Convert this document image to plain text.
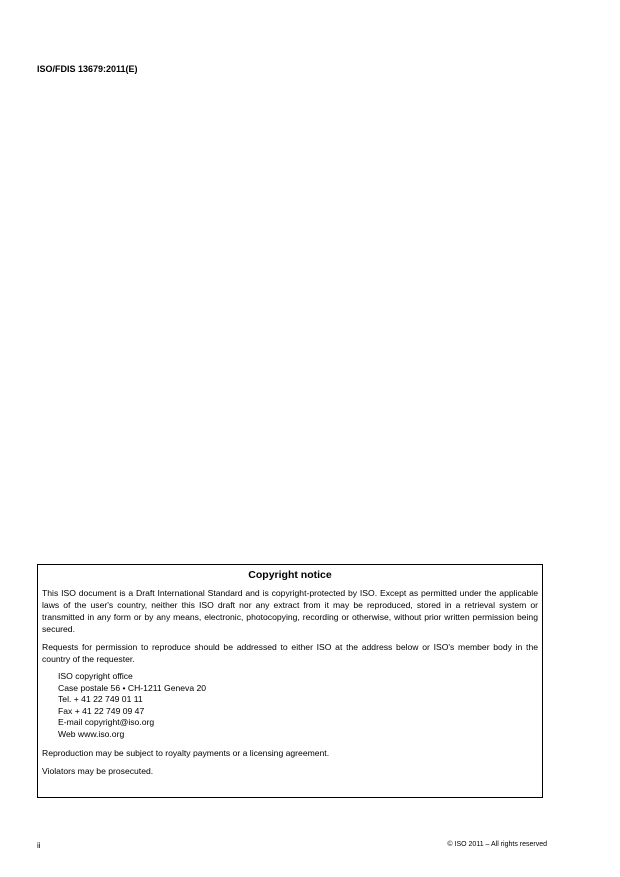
ISO/FDIS 13679:2011(E)
Copyright notice

This ISO document is a Draft International Standard and is copyright-protected by ISO. Except as permitted under the applicable laws of the user's country, neither this ISO draft nor any extract from it may be reproduced, stored in a retrieval system or transmitted in any form or by any means, electronic, photocopying, recording or otherwise, without prior written permission being secured.

Requests for permission to reproduce should be addressed to either ISO at the address below or ISO's member body in the country of the requester.

ISO copyright office
Case postale 56 • CH-1211 Geneva 20
Tel. + 41 22 749 01 11
Fax + 41 22 749 09 47
E-mail copyright@iso.org
Web www.iso.org

Reproduction may be subject to royalty payments or a licensing agreement.

Violators may be prosecuted.

ii	© ISO 2011 – All rights reserved
